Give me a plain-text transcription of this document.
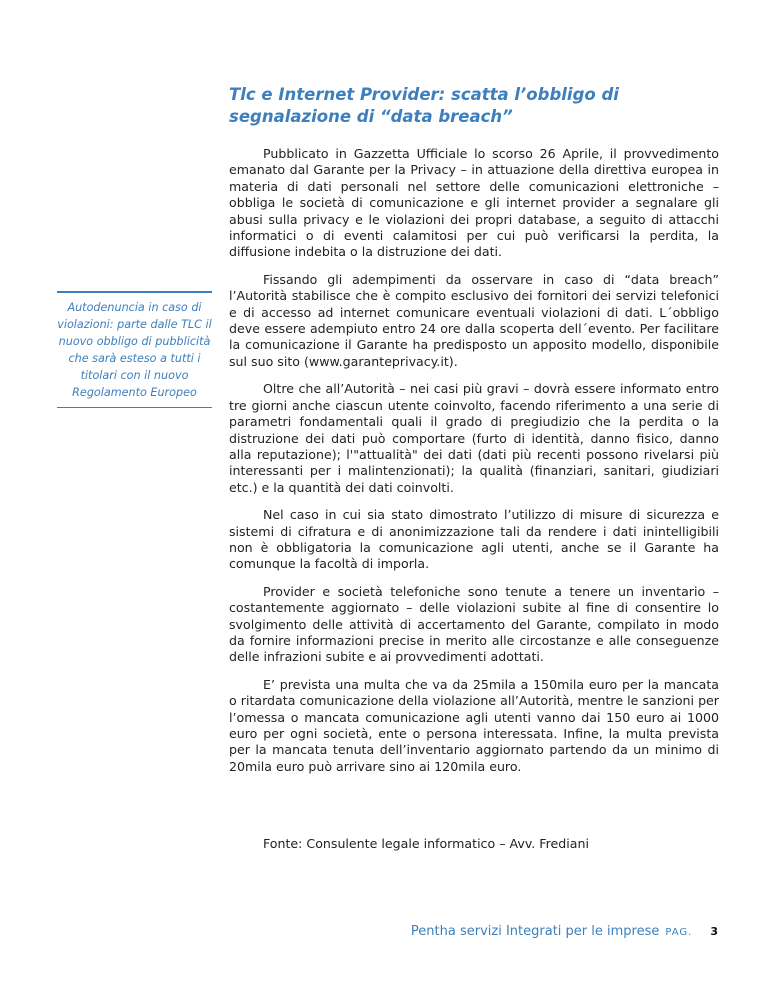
Tlc e Internet Provider: scatta l’obbligo di segnalazione di “data breach”

Pubblicato in Gazzetta Ufficiale lo scorso 26 Aprile, il provvedimento emanato dal Garante per la Privacy – in attuazione della direttiva europea in materia di dati personali nel settore delle comunicazioni elettroniche – obbliga le società di comunicazione e gli internet provider a segnalare gli abusi sulla privacy e le violazioni dei propri database, a seguito di attacchi informatici o di eventi calamitosi per cui può verificarsi la perdita, la diffusione indebita o la distruzione dei dati.

Fissando gli adempimenti da osservare in caso di “data breach” l’Autorità stabilisce che è compito esclusivo dei fornitori dei servizi telefonici e di accesso ad internet comunicare eventuali violazioni di dati. L´obbligo deve essere adempiuto entro 24 ore dalla scoperta dell´evento. Per facilitare la comunicazione il Garante ha predisposto un apposito modello, disponibile sul suo sito (www.garanteprivacy.it).

Oltre che all’Autorità – nei casi più gravi – dovrà essere informato entro tre giorni anche ciascun utente coinvolto, facendo riferimento a una serie di parametri fondamentali quali il grado di pregiudizio che la perdita o la distruzione dei dati può comportare (furto di identità, danno fisico, danno alla reputazione); l'"attualità" dei dati (dati più recenti possono rivelarsi più interessanti per i malintenzionati); la qualità (finanziari, sanitari, giudiziari etc.) e la quantità dei dati coinvolti.

Nel caso in cui sia stato dimostrato l’utilizzo di misure di sicurezza e sistemi di cifratura e di anonimizzazione tali da rendere i dati inintelligibili non è obbligatoria la comunicazione agli utenti, anche se il Garante ha comunque la facoltà di imporla.

Provider e società telefoniche sono tenute a tenere un inventario – costantemente aggiornato – delle violazioni subite al fine di consentire lo svolgimento delle attività di accertamento del Garante, compilato in modo da fornire informazioni precise in merito alle circostanze e alle conseguenze delle infrazioni subite e ai provvedimenti adottati.

E’ prevista una multa che va da 25mila a 150mila euro per la mancata o ritardata comunicazione della violazione all’Autorità, mentre le sanzioni per l’omessa o mancata comunicazione agli utenti vanno dai 150 euro ai 1000 euro per ogni società, ente o persona interessata. Infine, la multa prevista per la mancata tenuta dell’inventario aggiornato partendo da un minimo di 20mila euro può arrivare sino ai 120mila euro.

Autodenuncia in caso di violazioni: parte dalle TLC il nuovo obbligo di pubblicità che sarà esteso a tutti i titolari con il nuovo Regolamento Europeo

Fonte: Consulente legale informatico – Avv. Frediani
Pentha servizi Integrati per le imprese PAG. 3
